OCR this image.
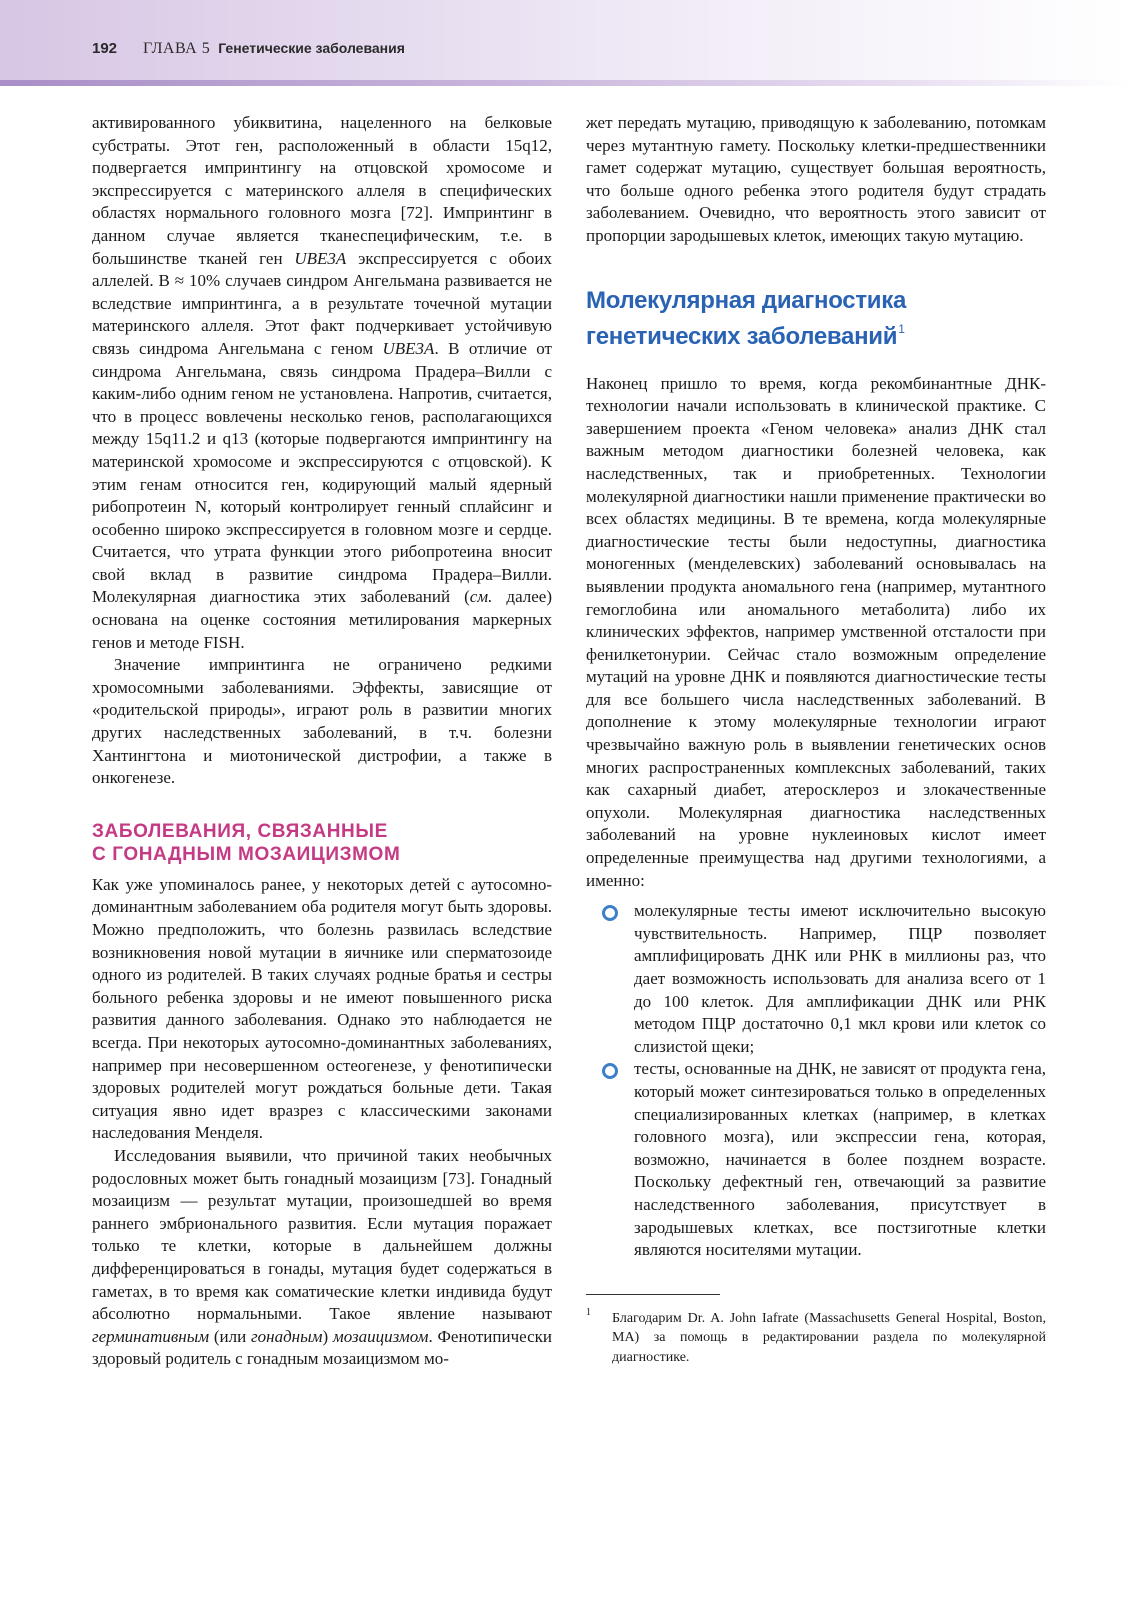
192 ГЛАВА 5 Генетические заболевания

активированного убиквитина, нацеленного на белковые субстраты. Этот ген, расположенный в области 15q12, подвергается импринтингу на отцовской хромосоме и экспрессируется с материнского аллеля в специфических областях нормального головного мозга [72]. Импринтинг в данном случае является тканеспецифическим, т.е. в большинстве тканей ген UBE3A экспрессируется с обоих аллелей. В ≈ 10% случаев синдром Ангельмана развивается не вследствие импринтинга, а в результате точечной мутации материнского аллеля. Этот факт подчеркивает устойчивую связь синдрома Ангельмана с геном UBE3A. В отличие от синдрома Ангельмана, связь синдрома Прадера–Вилли с каким-либо одним геном не установлена. Напротив, считается, что в процесс вовлечены несколько генов, располагающихся между 15q11.2 и q13 (которые подвергаются импринтингу на материнской хромосоме и экспрессируются с отцовской). К этим генам относится ген, кодирующий малый ядерный рибопротеин N, который контролирует генный сплайсинг и особенно широко экспрессируется в головном мозге и сердце. Считается, что утрата функции этого рибопротеина вносит свой вклад в развитие синдрома Прадера–Вилли. Молекулярная диагностика этих заболеваний (см. далее) основана на оценке состояния метилирования маркерных генов и методе FISH.

Значение импринтинга не ограничено редкими хромосомными заболеваниями. Эффекты, зависящие от «родительской природы», играют роль в развитии многих других наследственных заболеваний, в т.ч. болезни Хантингтона и миотонической дистрофии, а также в онкогенезе.

ЗАБОЛЕВАНИЯ, СВЯЗАННЫЕ
С ГОНАДНЫМ МОЗАИЦИЗМОМ

Как уже упоминалось ранее, у некоторых детей с аутосомно-доминантным заболеванием оба родителя могут быть здоровы. Можно предположить, что болезнь развилась вследствие возникновения новой мутации в яичнике или сперматозоиде одного из родителей. В таких случаях родные братья и сестры больного ребенка здоровы и не имеют повышенного риска развития данного заболевания. Однако это наблюдается не всегда. При некоторых аутосомно-доминантных заболеваниях, например при несовершенном остеогенезе, у фенотипически здоровых родителей могут рождаться больные дети. Такая ситуация явно идет вразрез с классическими законами наследования Менделя.

Исследования выявили, что причиной таких необычных родословных может быть гонадный мозаицизм [73]. Гонадный мозаицизм — результат мутации, произошедшей во время раннего эмбрионального развития. Если мутация поражает только те клетки, которые в дальнейшем должны дифференцироваться в гонады, мутация будет содержаться в гаметах, в то время как соматические клетки индивида будут абсолютно нормальными. Такое явление называют герминативным (или гонадным) мозаицизмом. Фенотипически здоровый родитель с гонадным мозаицизмом мо-

жет передать мутацию, приводящую к заболеванию, потомкам через мутантную гамету. Поскольку клетки-предшественники гамет содержат мутацию, существует большая вероятность, что больше одного ребенка этого родителя будут страдать заболеванием. Очевидно, что вероятность этого зависит от пропорции зародышевых клеток, имеющих такую мутацию.

Молекулярная диагностика
генетических заболеваний$^1$

Наконец пришло то время, когда рекомбинантные ДНК-технологии начали использовать в клинической практике. С завершением проекта «Геном человека» анализ ДНК стал важным методом диагностики болезней человека, как наследственных, так и приобретенных. Технологии молекулярной диагностики нашли применение практически во всех областях медицины. В те времена, когда молекулярные диагностические тесты были недоступны, диагностика моногенных (менделевских) заболеваний основывалась на выявлении продукта аномального гена (например, мутантного гемоглобина или аномального метаболита) либо их клинических эффектов, например умственной отсталости при фенилкетонурии. Сейчас стало возможным определение мутаций на уровне ДНК и появляются диагностические тесты для все большего числа наследственных заболеваний. В дополнение к этому молекулярные технологии играют чрезвычайно важную роль в выявлении генетических основ многих распространенных комплексных заболеваний, таких как сахарный диабет, атеросклероз и злокачественные опухоли. Молекулярная диагностика наследственных заболеваний на уровне нуклеиновых кислот имеет определенные преимущества над другими технологиями, а именно:

молекулярные тесты имеют исключительно высокую чувствительность. Например, ПЦР позволяет амплифицировать ДНК или РНК в миллионы раз, что дает возможность использовать для анализа всего от 1 до 100 клеток. Для амплификации ДНК или РНК методом ПЦР достаточно 0,1 мкл крови или клеток со слизистой щеки;

тесты, основанные на ДНК, не зависят от продукта гена, который может синтезироваться только в определенных специализированных клетках (например, в клетках головного мозга), или экспрессии гена, которая, возможно, начинается в более позднем возрасте. Поскольку дефектный ген, отвечающий за развитие наследственного заболевания, присутствует в зародышевых клетках, все постзиготные клетки являются носителями мутации.

1 Благодарим Dr. A. John Iafrate (Massachusetts General Hospital, Boston, MA) за помощь в редактировании раздела по молекулярной диагностике.
